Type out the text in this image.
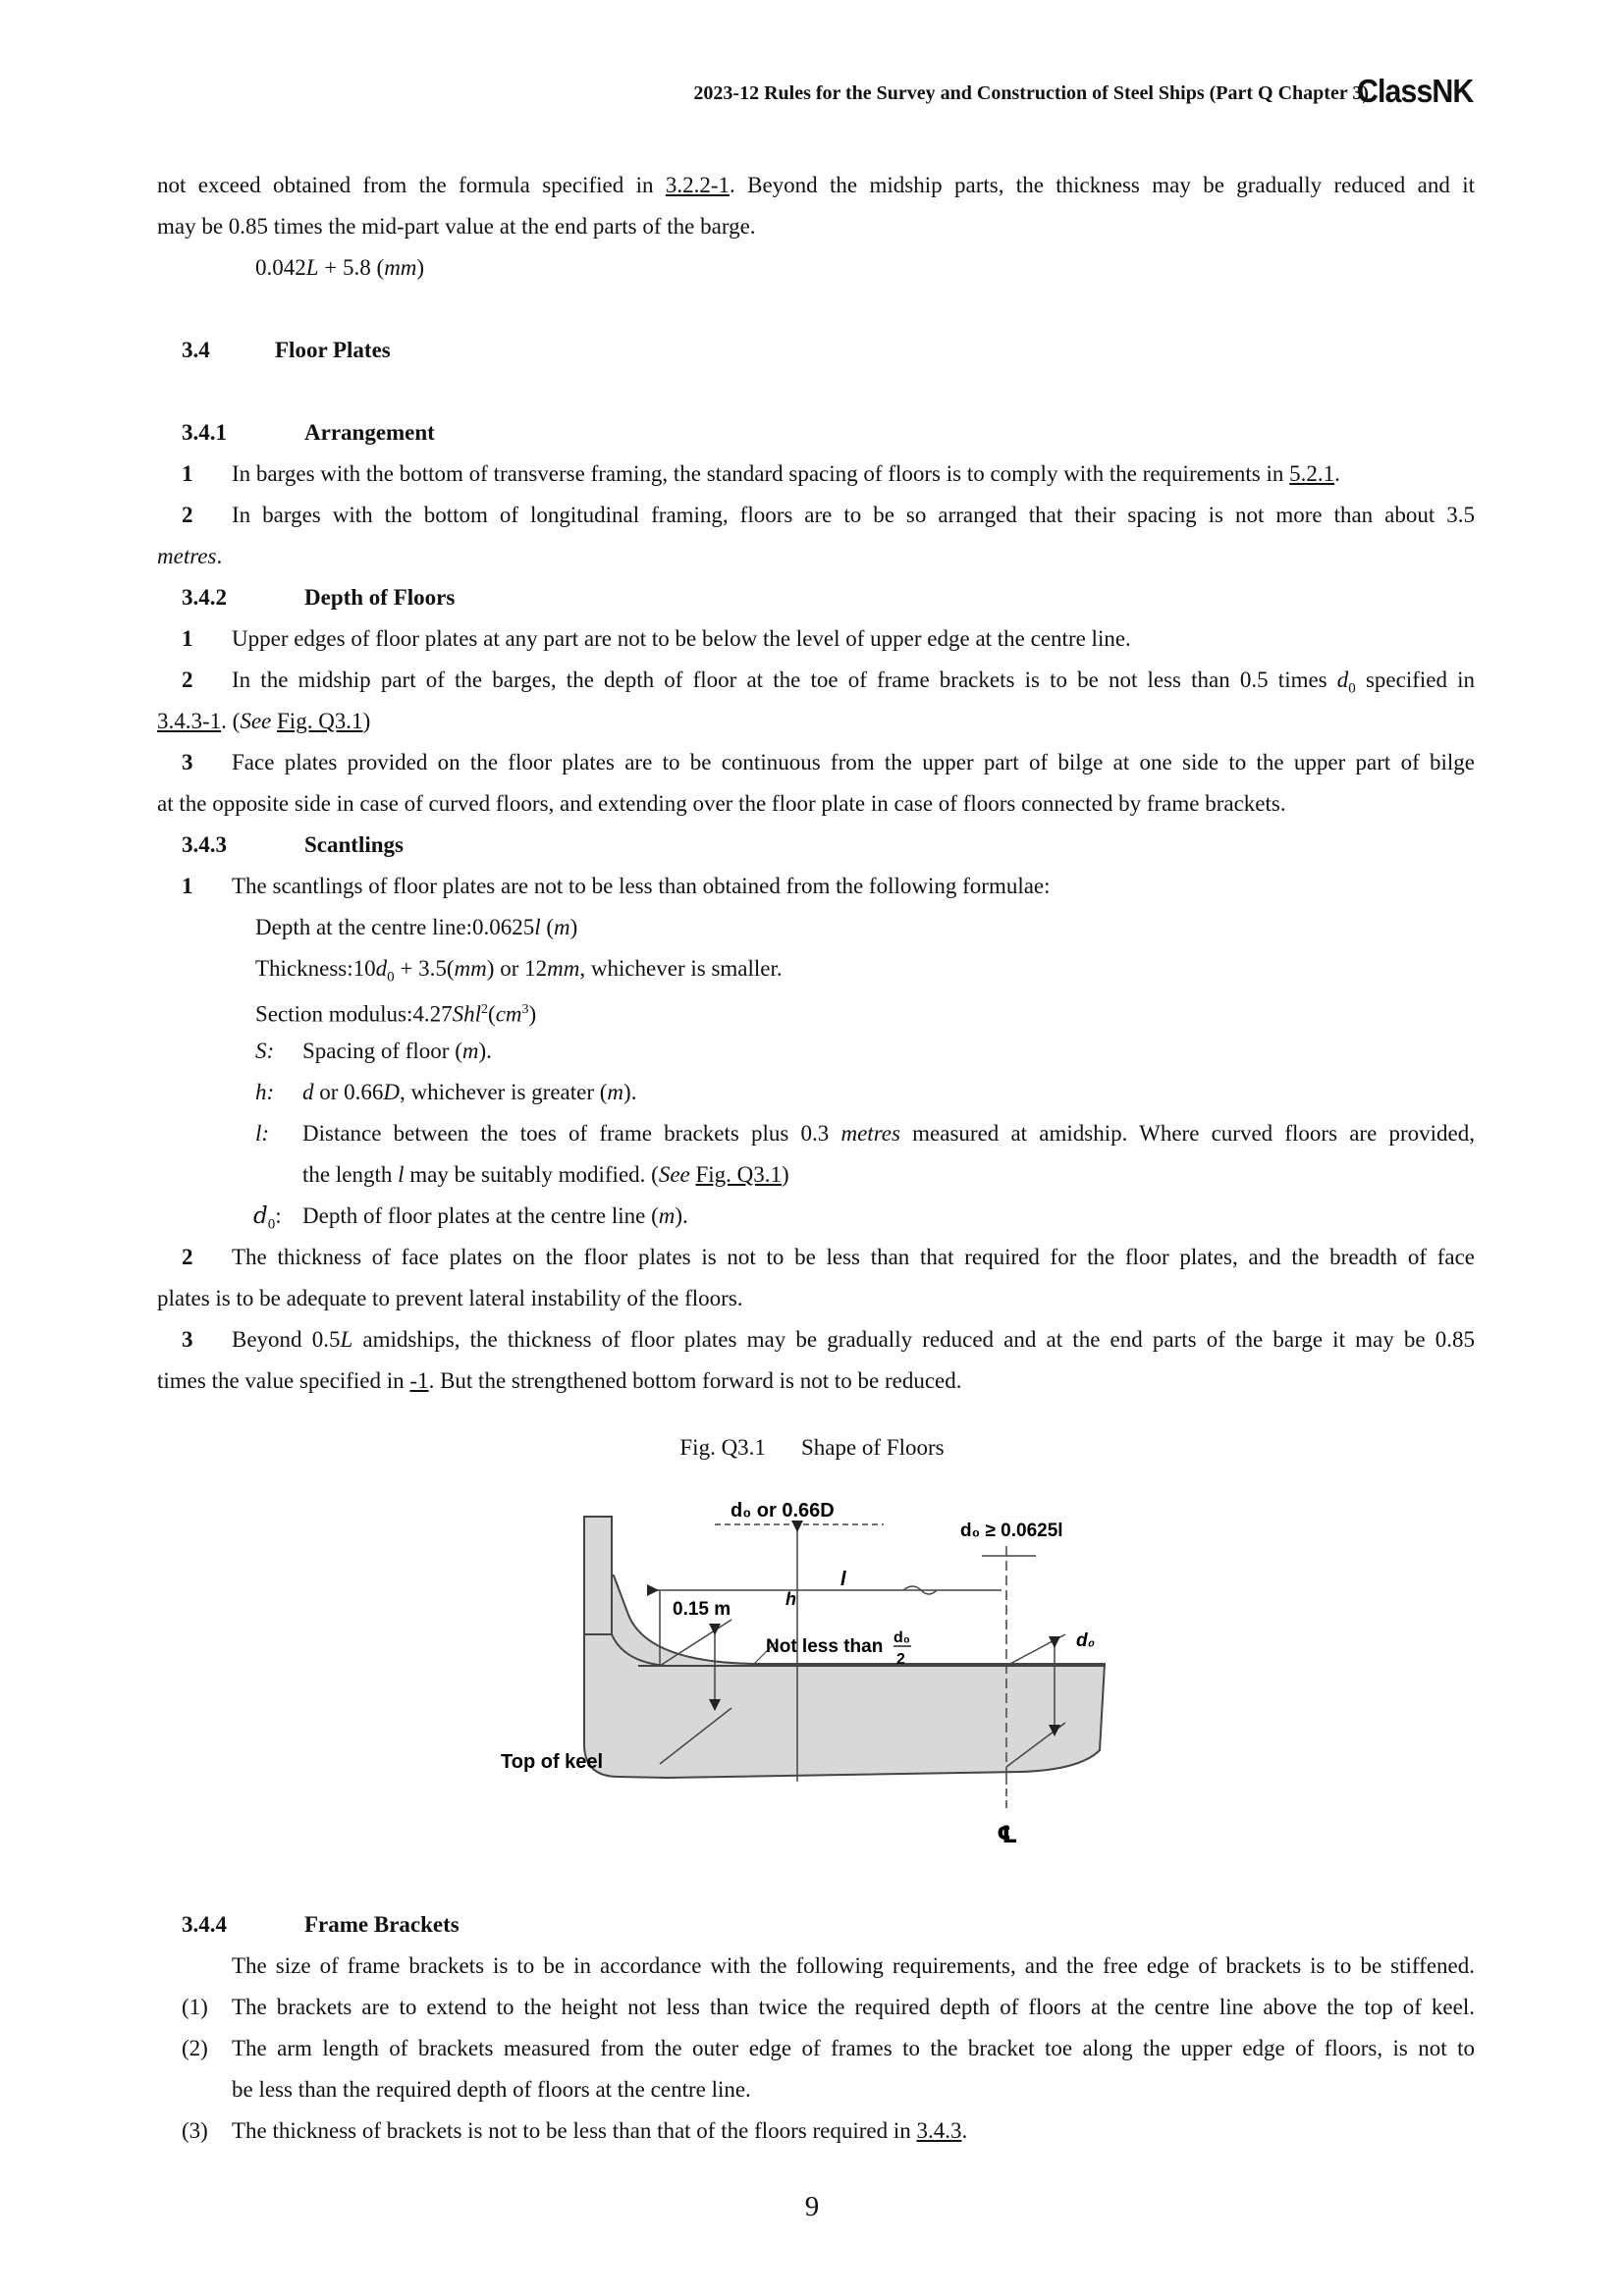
2023-12 Rules for the Survey and Construction of Steel Ships (Part Q Chapter 3)
ClassNK
not exceed obtained from the formula specified in 3.2.2-1. Beyond the midship parts, the thickness may be gradually reduced and it
may be 0.85 times the mid-part value at the end parts of the barge.
0.042L + 5.8 (mm)
3.4	Floor Plates
3.4.1	Arrangement
1 In barges with the bottom of transverse framing, the standard spacing of floors is to comply with the requirements in 5.2.1.
2 In barges with the bottom of longitudinal framing, floors are to be so arranged that their spacing is not more than about 3.5
metres.
3.4.2	Depth of Floors
1 Upper edges of floor plates at any part are not to be below the level of upper edge at the centre line.
2 In the midship part of the barges, the depth of floor at the toe of frame brackets is to be not less than 0.5 times $d_0$ specified in
3.4.3-1. (See Fig. Q3.1)
3 Face plates provided on the floor plates are to be continuous from the upper part of bilge at one side to the upper part of bilge
at the opposite side in case of curved floors, and extending over the floor plate in case of floors connected by frame brackets.
3.4.3	Scantlings
1 The scantlings of floor plates are not to be less than obtained from the following formulae:
Depth at the centre line:0.0625l (m)
$Thickness:10d_0 + 3.5(mm)$ or 12mm, whichever is smaller.
Section $modulus:4.27Shl^2(cm^3)$
S: Spacing of floor (m).
h: d or 0.66D, whichever is greater (m).
l: Distance between the toes of frame brackets plus 0.3 metres measured at amidship. Where curved floors are provided,
the length l may be suitably modified. (See Fig. Q3.1)
$d_0$: Depth of floor plates at the centre line (m).
2 The thickness of face plates on the floor plates is not to be less than that required for the floor plates, and the breadth of face
plates is to be adequate to prevent lateral instability of the floors.
3 Beyond 0.5L amidships, the thickness of floor plates may be gradually reduced and at the end parts of the barge it may be 0.85
times the value specified in -1. But the strengthened bottom forward is not to be reduced.
Fig. Q3.1 Shape of Floors
d₀ or 0.66D
d₀ ≥ 0.0625l
l
h
0.15 m
Not less than d₀
2
d₀
Top of keel
℄
3.4.4	Frame Brackets
The size of frame brackets is to be in accordance with the following requirements, and the free edge of brackets is to be stiffened.
(1) The brackets are to extend to the height not less than twice the required depth of floors at the centre line above the top of keel.
(2) The arm length of brackets measured from the outer edge of frames to the bracket toe along the upper edge of floors, is not to
be less than the required depth of floors at the centre line.
(3) The thickness of brackets is not to be less than that of the floors required in 3.4.3.
9
